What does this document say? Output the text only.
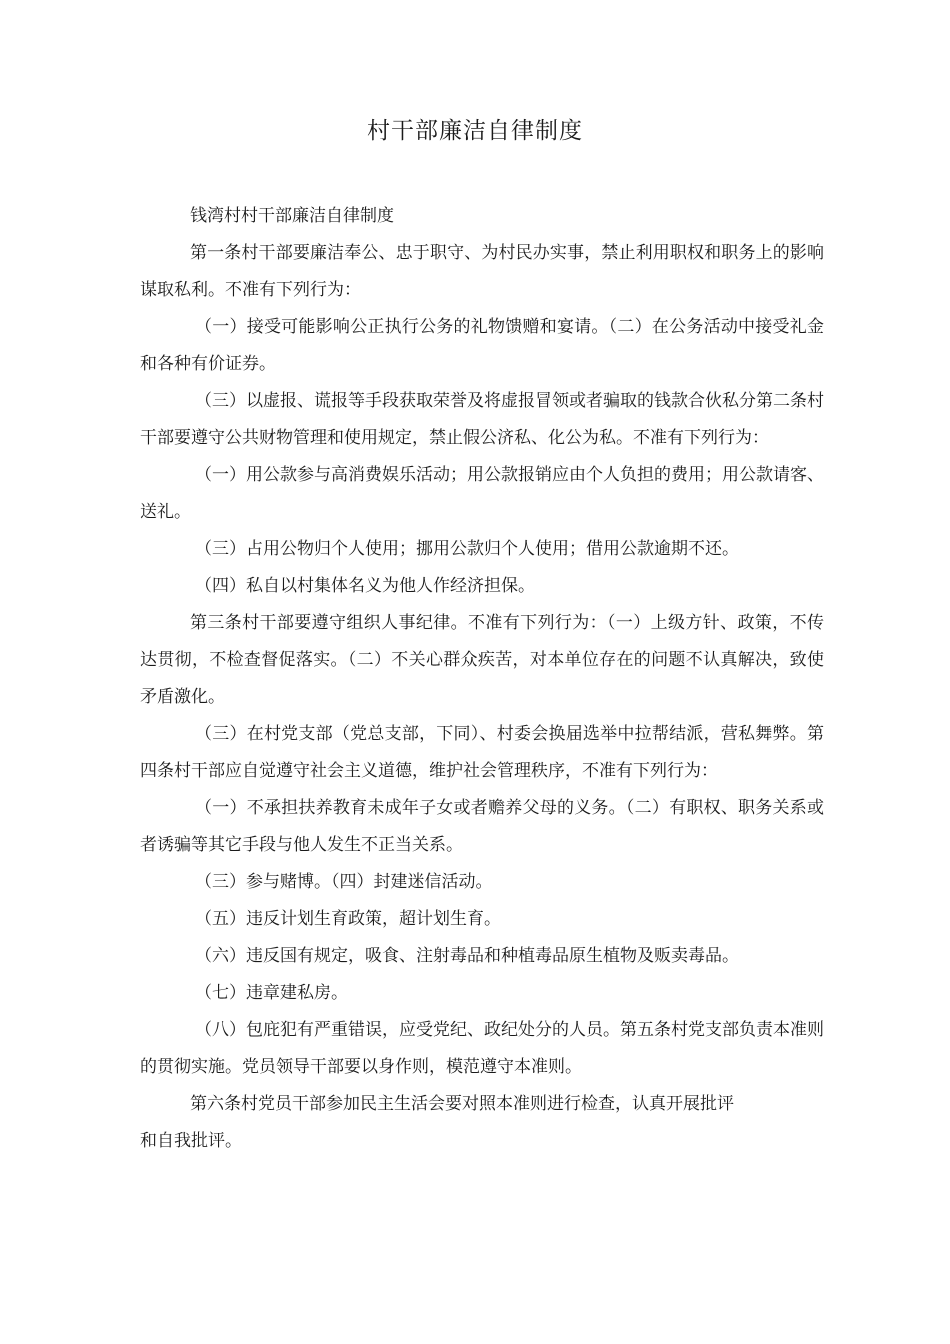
村干部廉洁自律制度

钱湾村村干部廉洁自律制度

第一条村干部要廉洁奉公、忠于职守、为村民办实事，禁止利用职权和职务上的影响谋取私利。不准有下列行为：

（一）接受可能影响公正执行公务的礼物馈赠和宴请。（二）在公务活动中接受礼金和各种有价证券。

（三）以虚报、谎报等手段获取荣誉及将虚报冒领或者骗取的钱款合伙私分第二条村干部要遵守公共财物管理和使用规定，禁止假公济私、化公为私。不准有下列行为：

（一）用公款参与高消费娱乐活动；用公款报销应由个人负担的费用；用公款请客、送礼。

（三）占用公物归个人使用；挪用公款归个人使用；借用公款逾期不还。

（四）私自以村集体名义为他人作经济担保。

第三条村干部要遵守组织人事纪律。不准有下列行为：（一）上级方针、政策，不传达贯彻，不检查督促落实。（二）不关心群众疾苦，对本单位存在的问题不认真解决，致使矛盾激化。

（三）在村党支部（党总支部，下同）、村委会换届选举中拉帮结派，营私舞弊。第四条村干部应自觉遵守社会主义道德，维护社会管理秩序，不准有下列行为：

（一）不承担扶养教育未成年子女或者赡养父母的义务。（二）有职权、职务关系或者诱骗等其它手段与他人发生不正当关系。

（三）参与赌博。（四）封建迷信活动。

（五）违反计划生育政策，超计划生育。

（六）违反国有规定，吸食、注射毒品和种植毒品原生植物及贩卖毒品。

（七）违章建私房。

（八）包庇犯有严重错误，应受党纪、政纪处分的人员。第五条村党支部负责本准则的贯彻实施。党员领导干部要以身作则，模范遵守本准则。

第六条村党员干部参加民主生活会要对照本准则进行检查，认真开展批评

和自我批评。
